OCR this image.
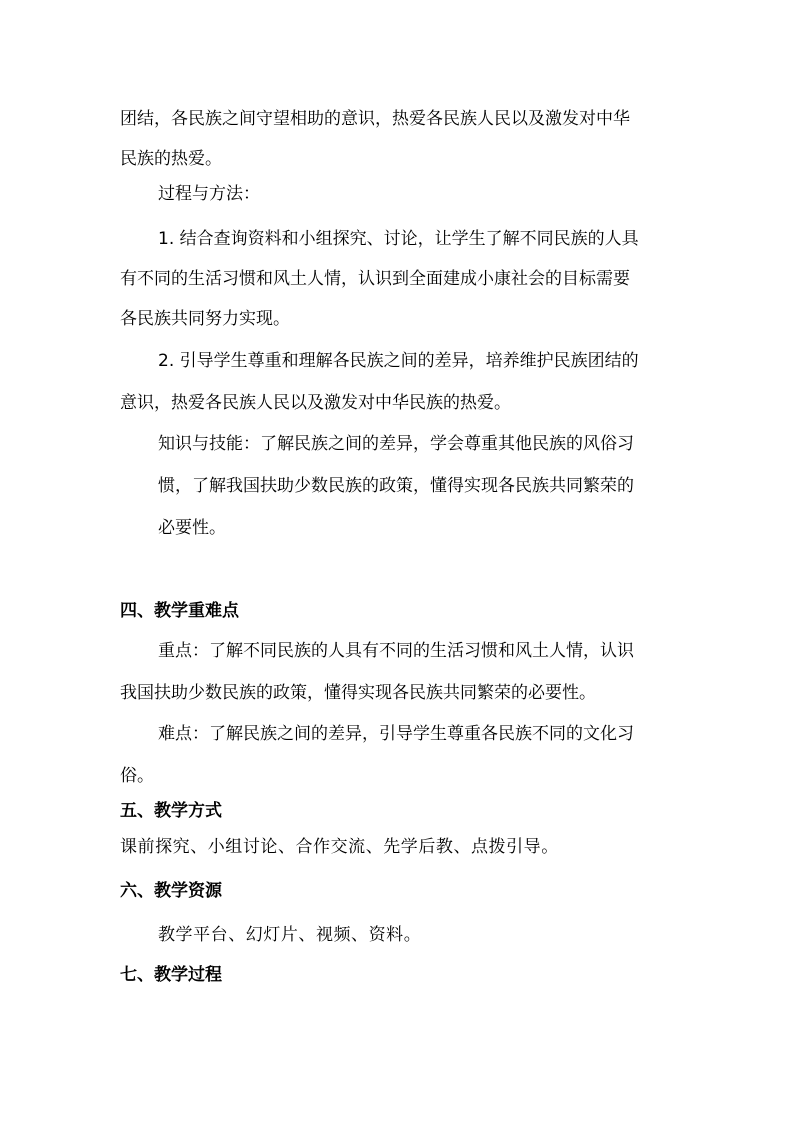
团结，各民族之间守望相助的意识，热爱各民族人民以及激发对中华
民族的热爱。
过程与方法：
1. 结合查询资料和小组探究、讨论，让学生了解不同民族的人具
有不同的生活习惯和风土人情，认识到全面建成小康社会的目标需要
各民族共同努力实现。
2. 引导学生尊重和理解各民族之间的差异，培养维护民族团结的
意识，热爱各民族人民以及激发对中华民族的热爱。
知识与技能：了解民族之间的差异，学会尊重其他民族的风俗习
惯，了解我国扶助少数民族的政策，懂得实现各民族共同繁荣的
必要性。
四、教学重难点
重点：了解不同民族的人具有不同的生活习惯和风土人情，认识
我国扶助少数民族的政策，懂得实现各民族共同繁荣的必要性。
难点：了解民族之间的差异，引导学生尊重各民族不同的文化习
俗。
五、教学方式
课前探究、小组讨论、合作交流、先学后教、点拨引导。
六、教学资源
教学平台、幻灯片、视频、资料。
七、教学过程
